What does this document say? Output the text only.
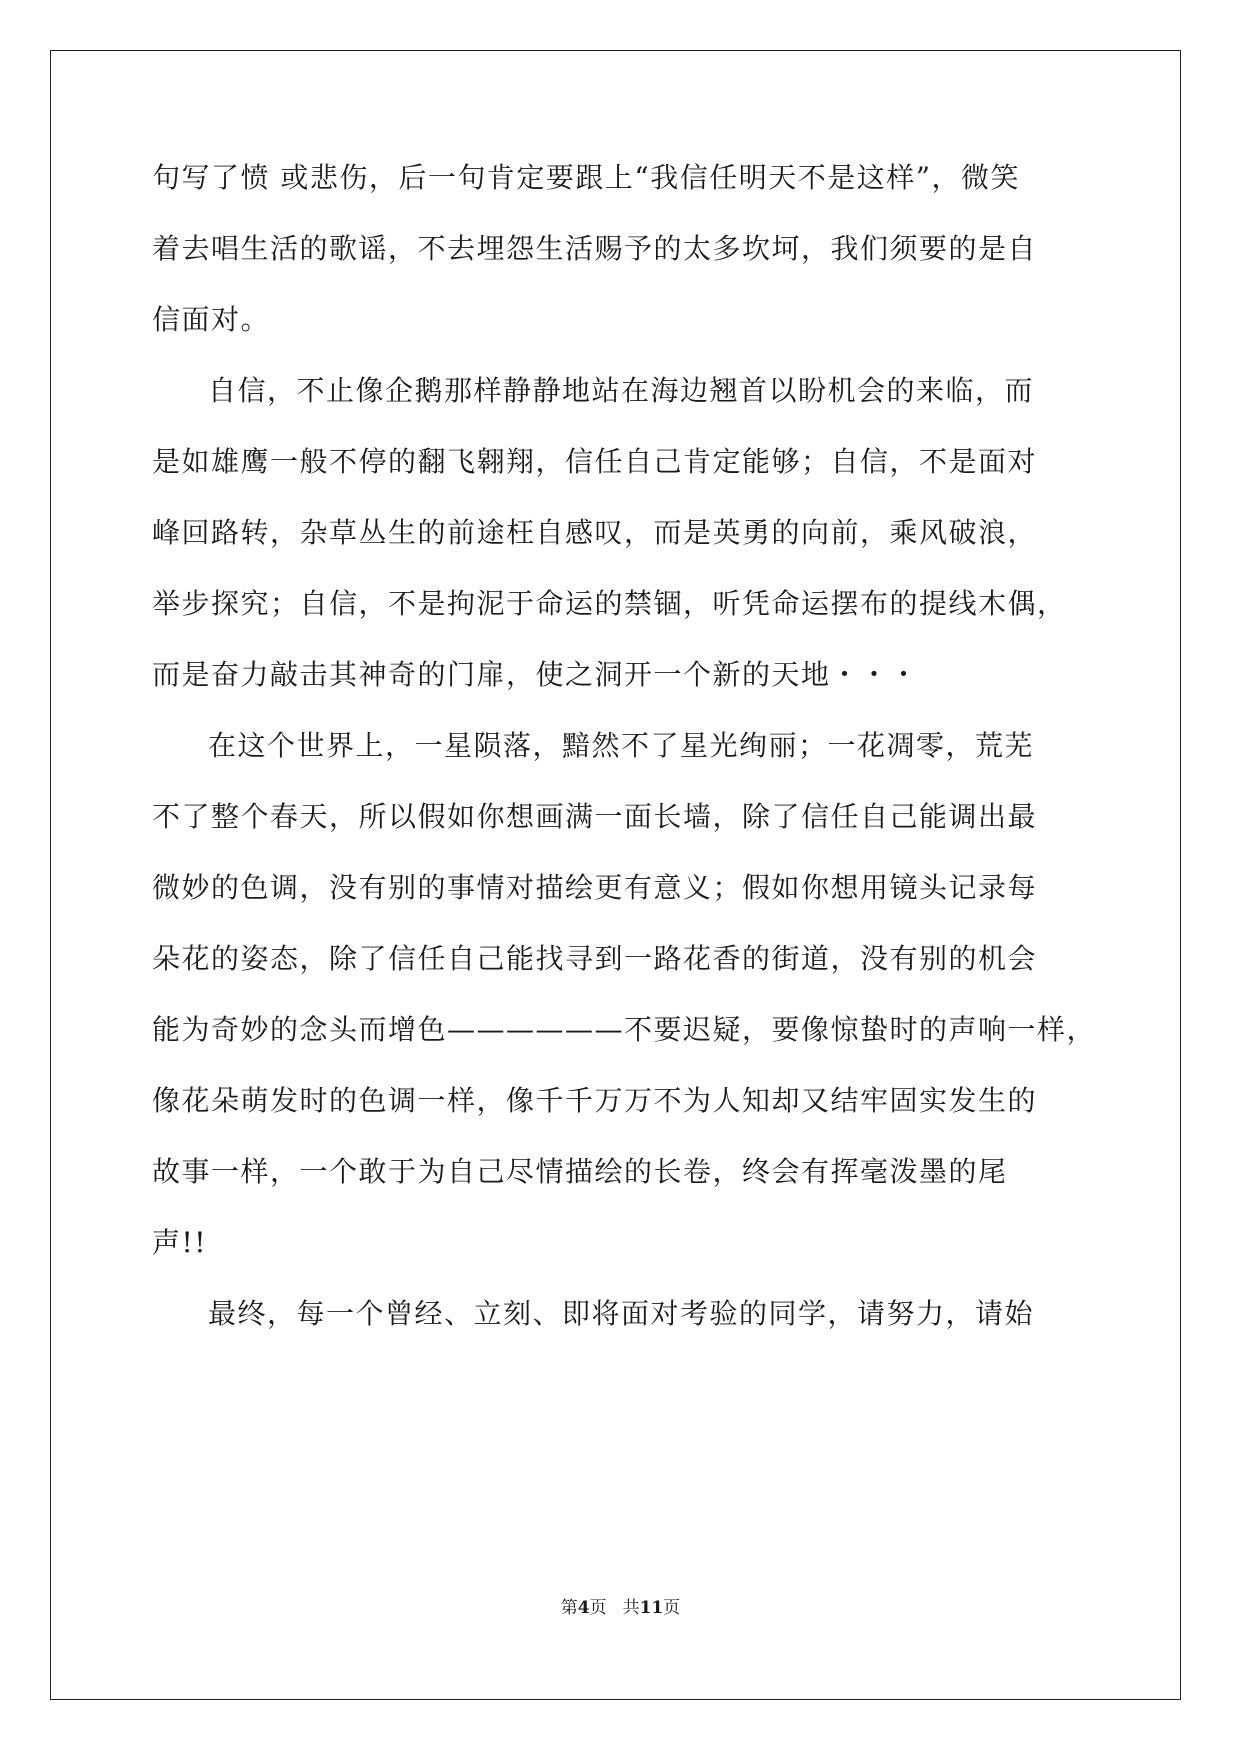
句写了愤 或悲伤，后一句肯定要跟上“我信任明天不是这样”，微笑
着去唱生活的歌谣，不去埋怨生活赐予的太多坎坷，我们须要的是自
信面对。
自信，不止像企鹅那样静静地站在海边翘首以盼机会的来临，而
是如雄鹰一般不停的翻飞翱翔，信任自己肯定能够；自信，不是面对
峰回路转，杂草丛生的前途枉自感叹，而是英勇的向前，乘风破浪，
举步探究；自信，不是拘泥于命运的禁锢，听凭命运摆布的提线木偶，
而是奋力敲击其神奇的门扉，使之洞开一个新的天地・・・
在这个世界上，一星陨落，黯然不了星光绚丽；一花凋零，荒芜
不了整个春天，所以假如你想画满一面长墙，除了信任自己能调出最
微妙的色调，没有别的事情对描绘更有意义；假如你想用镜头记录每
朵花的姿态，除了信任自己能找寻到一路花香的街道，没有别的机会
能为奇妙的念头而增色——————不要迟疑，要像惊蛰时的声响一样，
像花朵萌发时的色调一样，像千千万万不为人知却又结牢固实发生的
故事一样，一个敢于为自己尽情描绘的长卷，终会有挥毫泼墨的尾
声!!
最终，每一个曾经、立刻、即将面对考验的同学，请努力，请始
第4页 共11页
